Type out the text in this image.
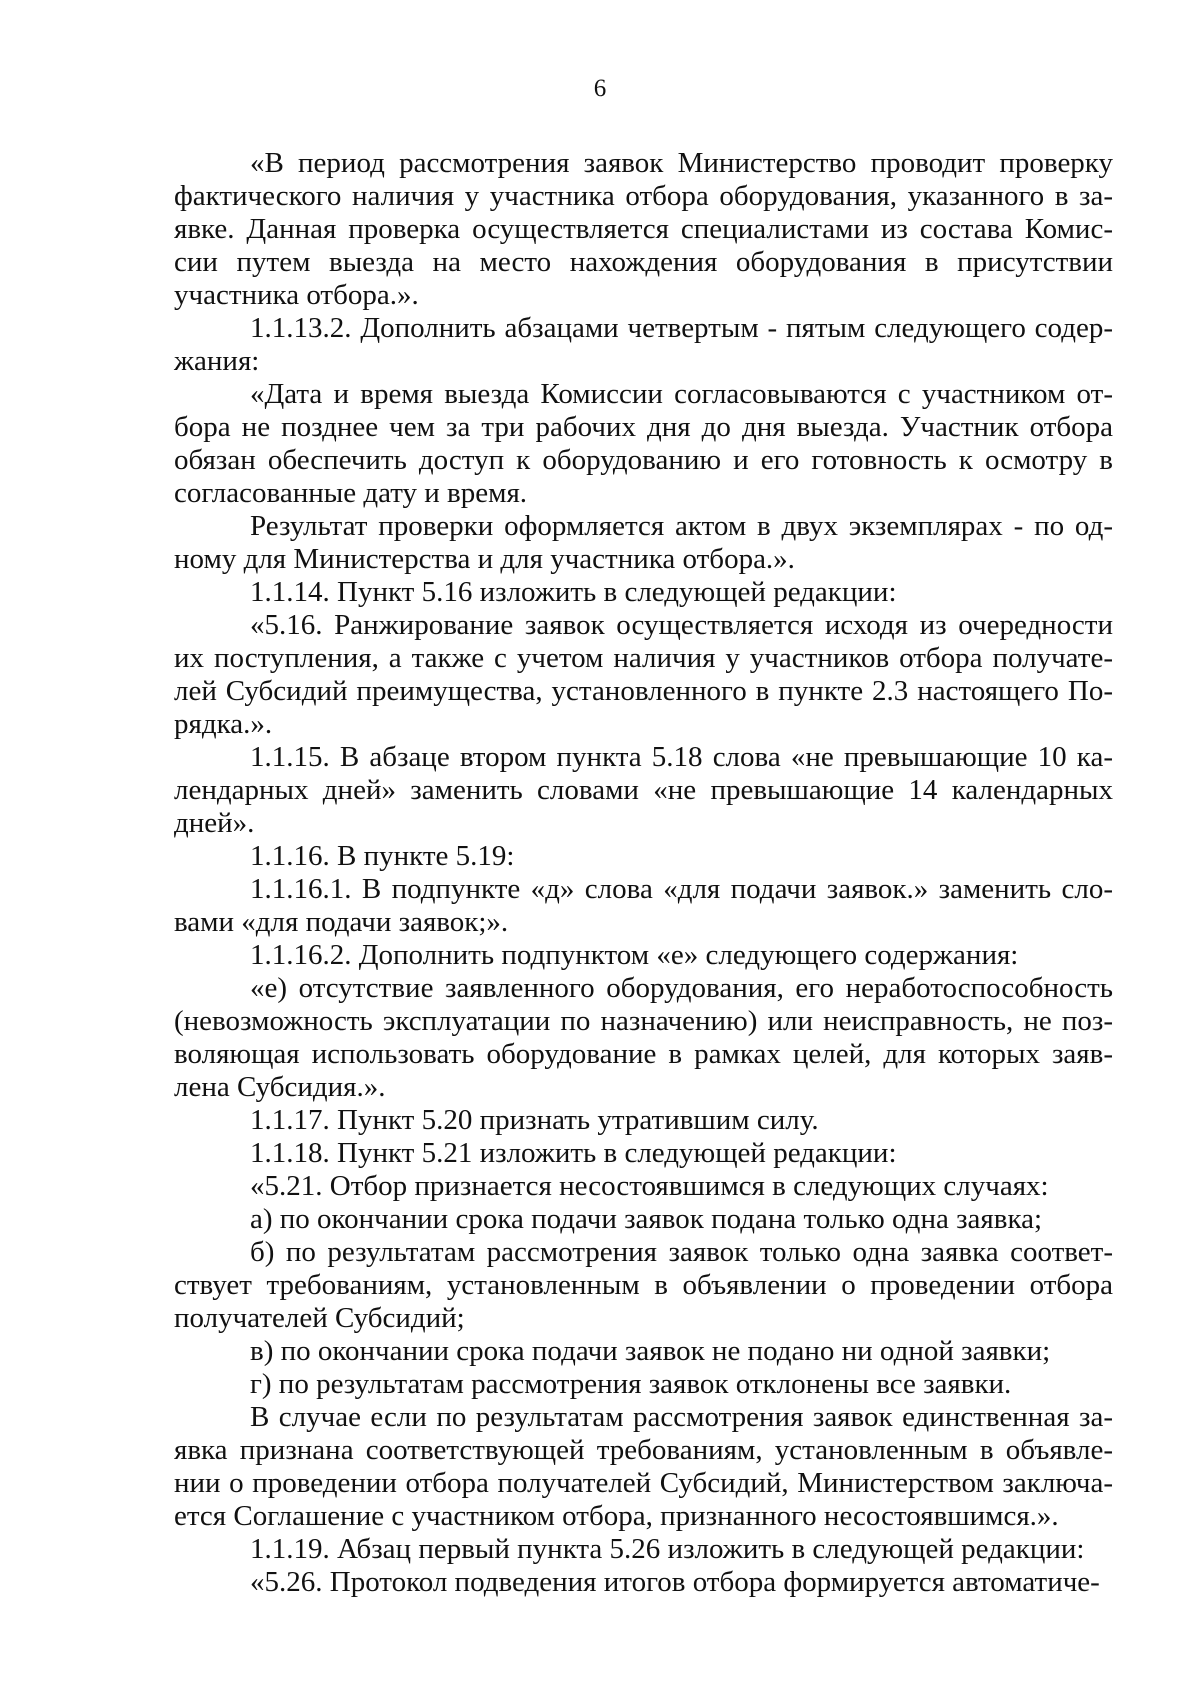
6

«В период рассмотрения заявок Министерство проводит проверку фактического наличия у участника отбора оборудования, указанного в заявке. Данная проверка осуществляется специалистами из состава Комиссии путем выезда на место нахождения оборудования в присутствии участника отбора.».

1.1.13.2. Дополнить абзацами четвертым - пятым следующего содержания:

«Дата и время выезда Комиссии согласовываются с участником отбора не позднее чем за три рабочих дня до дня выезда. Участник отбора обязан обеспечить доступ к оборудованию и его готовность к осмотру в согласованные дату и время.

Результат проверки оформляется актом в двух экземплярах - по одному для Министерства и для участника отбора.».

1.1.14. Пункт 5.16 изложить в следующей редакции:

«5.16. Ранжирование заявок осуществляется исходя из очередности их поступления, а также с учетом наличия у участников отбора получателей Субсидий преимущества, установленного в пункте 2.3 настоящего Порядка.».

1.1.15. В абзаце втором пункта 5.18 слова «не превышающие 10 календарных дней» заменить словами «не превышающие 14 календарных дней».

1.1.16. В пункте 5.19:

1.1.16.1. В подпункте «д» слова «для подачи заявок.» заменить словами «для подачи заявок;».

1.1.16.2. Дополнить подпунктом «е» следующего содержания:

«е) отсутствие заявленного оборудования, его неработоспособность (невозможность эксплуатации по назначению) или неисправность, не позволяющая использовать оборудование в рамках целей, для которых заявлена Субсидия.».

1.1.17. Пункт 5.20 признать утратившим силу.

1.1.18. Пункт 5.21 изложить в следующей редакции:

«5.21. Отбор признается несостоявшимся в следующих случаях:

а) по окончании срока подачи заявок подана только одна заявка;

б) по результатам рассмотрения заявок только одна заявка соответствует требованиям, установленным в объявлении о проведении отбора получателей Субсидий;

в) по окончании срока подачи заявок не подано ни одной заявки;

г) по результатам рассмотрения заявок отклонены все заявки.

В случае если по результатам рассмотрения заявок единственная заявка признана соответствующей требованиям, установленным в объявлении о проведении отбора получателей Субсидий, Министерством заключается Соглашение с участником отбора, признанного несостоявшимся.».

1.1.19. Абзац первый пункта 5.26 изложить в следующей редакции:

«5.26. Протокол подведения итогов отбора формируется автоматиче-
